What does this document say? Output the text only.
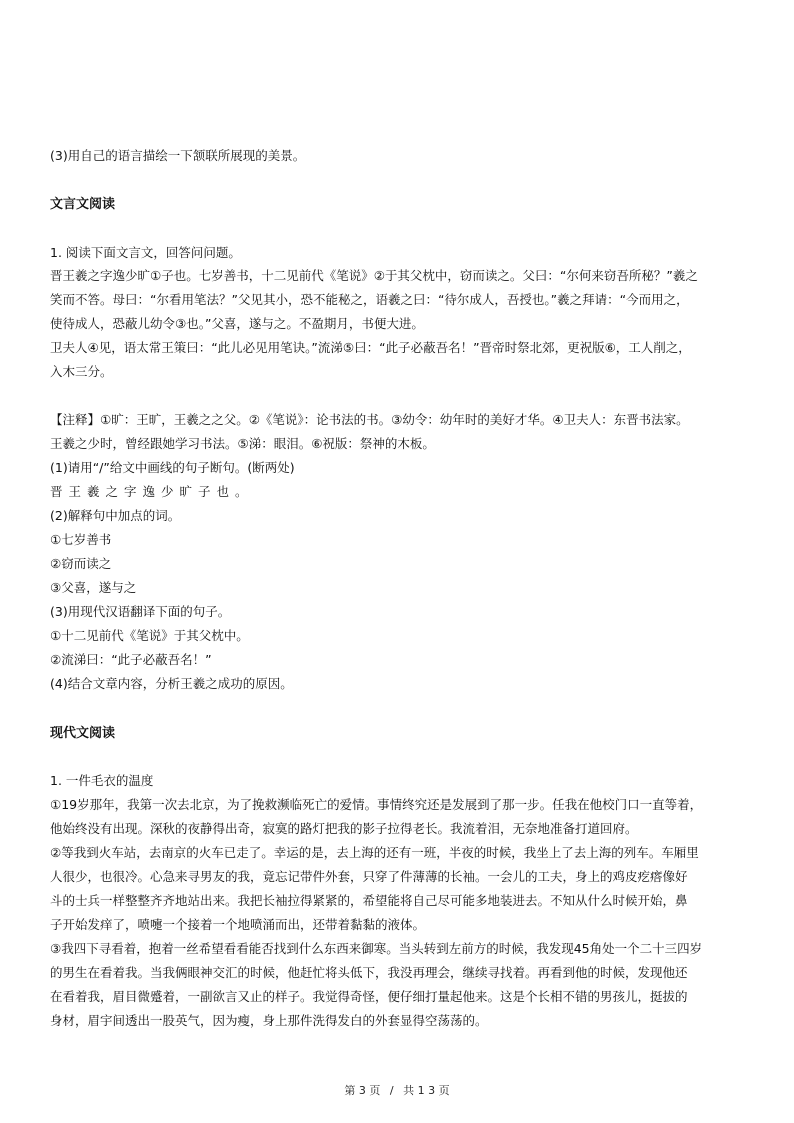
(3)用自己的语言描绘一下颔联所展现的美景。
文言文阅读
1. 阅读下面文言文，回答问问题。
晋王羲之字逸少旷①子也。七岁善书，十二见前代《笔说》②于其父枕中，窃而读之。父曰：“尔何来窃吾所秘？”羲之
笑而不答。母曰：“尔看用笔法？”父见其小，恐不能秘之，语羲之曰：“待尔成人，吾授也。”羲之拜请：“今而用之，
使待成人，恐蔽儿幼令③也。”父喜，遂与之。不盈期月，书便大进。
卫夫人④见，语太常王策曰：“此儿必见用笔诀。”流涕⑤曰：“此子必蔽吾名！”晋帝时祭北郊，更祝版⑥，工人削之，
入木三分。
【注释】①旷：王旷，王羲之之父。②《笔说》：论书法的书。③幼令：幼年时的美好才华。④卫夫人：东晋书法家。
王羲之少时，曾经跟她学习书法。⑤涕：眼泪。⑥祝版：祭神的木板。
(1)请用“/”给文中画线的句子断句。(断两处)
晋王羲之字逸少旷子也。
(2)解释句中加点的词。
①七岁善书
②窃而读之
③父喜，遂与之
(3)用现代汉语翻译下面的句子。
①十二见前代《笔说》于其父枕中。
②流涕曰：“此子必蔽吾名！”
(4)结合文章内容，分析王羲之成功的原因。
现代文阅读
1. 一件毛衣的温度
①19岁那年，我第一次去北京，为了挽救濒临死亡的爱情。事情终究还是发展到了那一步。任我在他校门口一直等着，
他始终没有出现。深秋的夜静得出奇，寂寞的路灯把我的影子拉得老长。我流着泪，无奈地准备打道回府。
②等我到火车站，去南京的火车已走了。幸运的是，去上海的还有一班，半夜的时候，我坐上了去上海的列车。车厢里
人很少，也很冷。心急来寻男友的我，竟忘记带件外套，只穿了件薄薄的长袖。一会儿的工夫，身上的鸡皮疙瘩像好
斗的士兵一样整整齐齐地站出来。我把长袖拉得紧紧的，希望能将自己尽可能多地装进去。不知从什么时候开始，鼻
子开始发痒了，喷嚏一个接着一个地喷涌而出，还带着黏黏的液体。
③我四下寻看着，抱着一丝希望看看能否找到什么东西来御寒。当头转到左前方的时候，我发现45角处一个二十三四岁
的男生在看着我。当我俩眼神交汇的时候，他赶忙将头低下，我没再理会，继续寻找着。再看到他的时候，发现他还
在看着我，眉目微蹙着，一副欲言又止的样子。我觉得奇怪，便仔细打量起他来。这是个长相不错的男孩儿，挺拔的
身材，眉宇间透出一股英气，因为瘦，身上那件洗得发白的外套显得空荡荡的。
第 3 页 / 共 1 3 页
